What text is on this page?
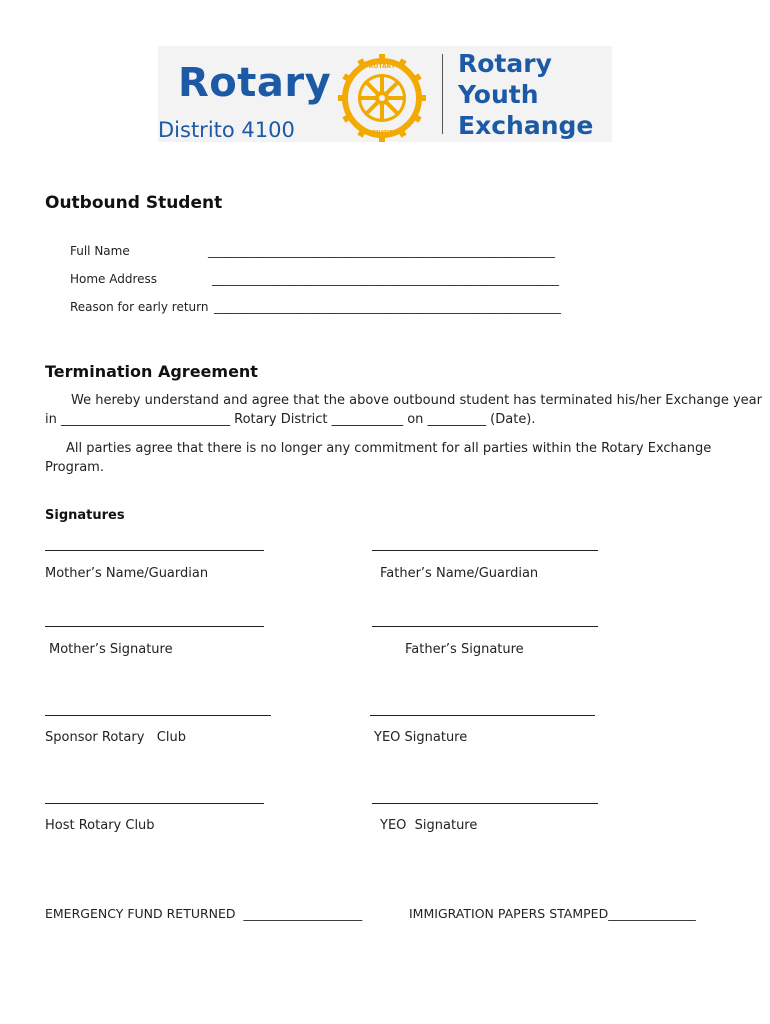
Rotary
Distrito 4100
ROTARY
INTERNATIONAL
Rotary
Youth
Exchange
Outbound Student
Full Name	_______________________________________________________________
Home Address	_______________________________________________________________
Reason for early return _______________________________________________________________
Termination Agreement
We hereby understand and agree that the above outbound student has terminated his/her Exchange year
in __________________________ Rotary District ___________ on _________ (Date).
All parties agree that there is no longer any commitment for all parties within the Rotary Exchange
Program.
Signatures
Mother’s Name/Guardian	Father’s Name/Guardian
Mother’s Signature	Father’s Signature
Sponsor Rotary   Club	YEO Signature
Host Rotary Club	YEO  Signature
EMERGENCY FUND RETURNED  ___________________	IMMIGRATION PAPERS STAMPED______________
